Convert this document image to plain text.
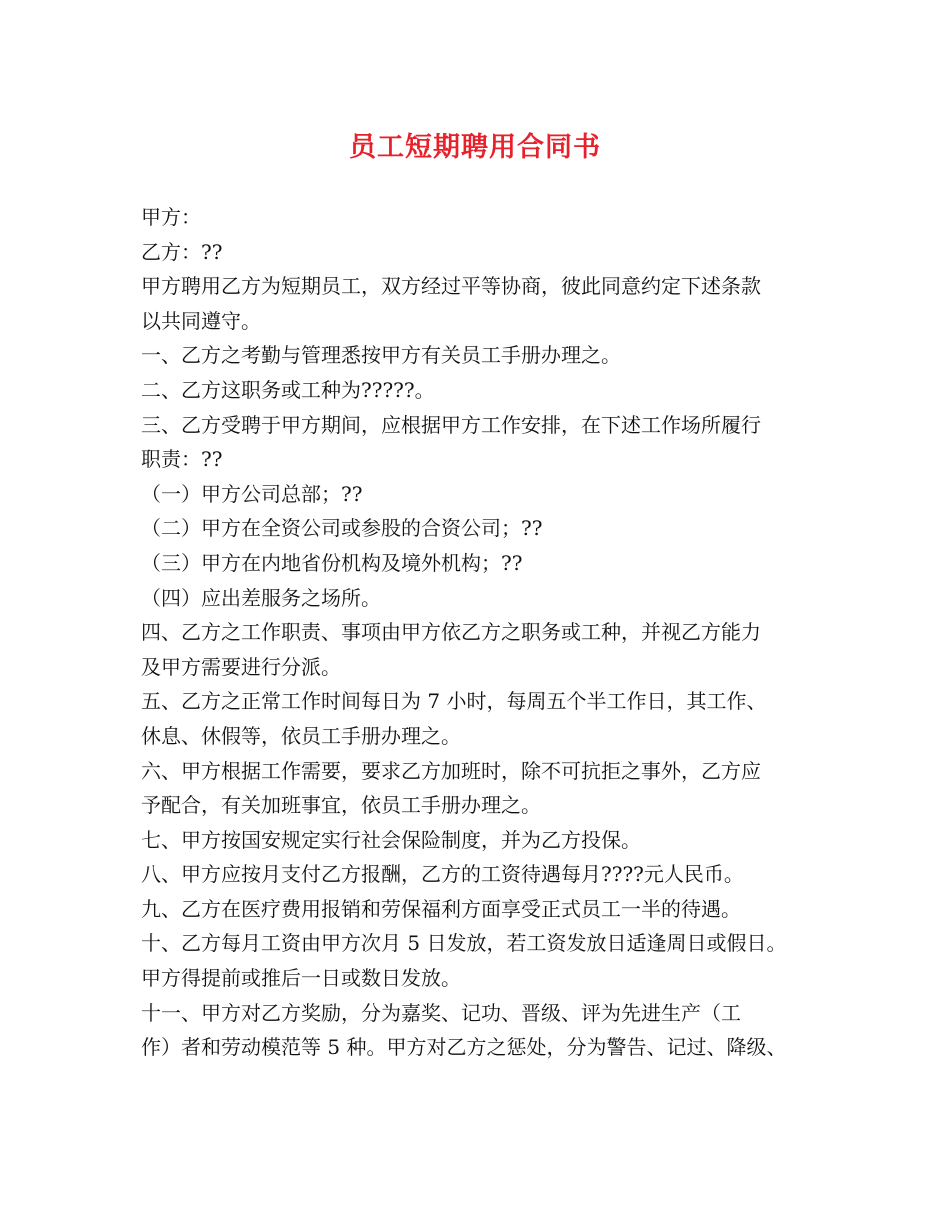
员工短期聘用合同书
甲方：
乙方：??
甲方聘用乙方为短期员工，双方经过平等协商，彼此同意约定下述条款
以共同遵守。
一、乙方之考勤与管理悉按甲方有关员工手册办理之。
二、乙方这职务或工种为?????。
三、乙方受聘于甲方期间，应根据甲方工作安排，在下述工作场所履行
职责：??
（一）甲方公司总部；??
（二）甲方在全资公司或参股的合资公司；??
（三）甲方在内地省份机构及境外机构；??
（四）应出差服务之场所。
四、乙方之工作职责、事项由甲方依乙方之职务或工种，并视乙方能力
及甲方需要进行分派。
五、乙方之正常工作时间每日为 7 小时，每周五个半工作日，其工作、
休息、休假等，依员工手册办理之。
六、甲方根据工作需要，要求乙方加班时，除不可抗拒之事外，乙方应
予配合，有关加班事宜，依员工手册办理之。
七、甲方按国安规定实行社会保险制度，并为乙方投保。
八、甲方应按月支付乙方报酬，乙方的工资待遇每月????元人民币。
九、乙方在医疗费用报销和劳保福利方面享受正式员工一半的待遇。
十、乙方每月工资由甲方次月 5 日发放，若工资发放日适逢周日或假日。
甲方得提前或推后一日或数日发放。
十一、甲方对乙方奖励，分为嘉奖、记功、晋级、评为先进生产（工
作）者和劳动模范等 5 种。甲方对乙方之惩处，分为警告、记过、降级、
